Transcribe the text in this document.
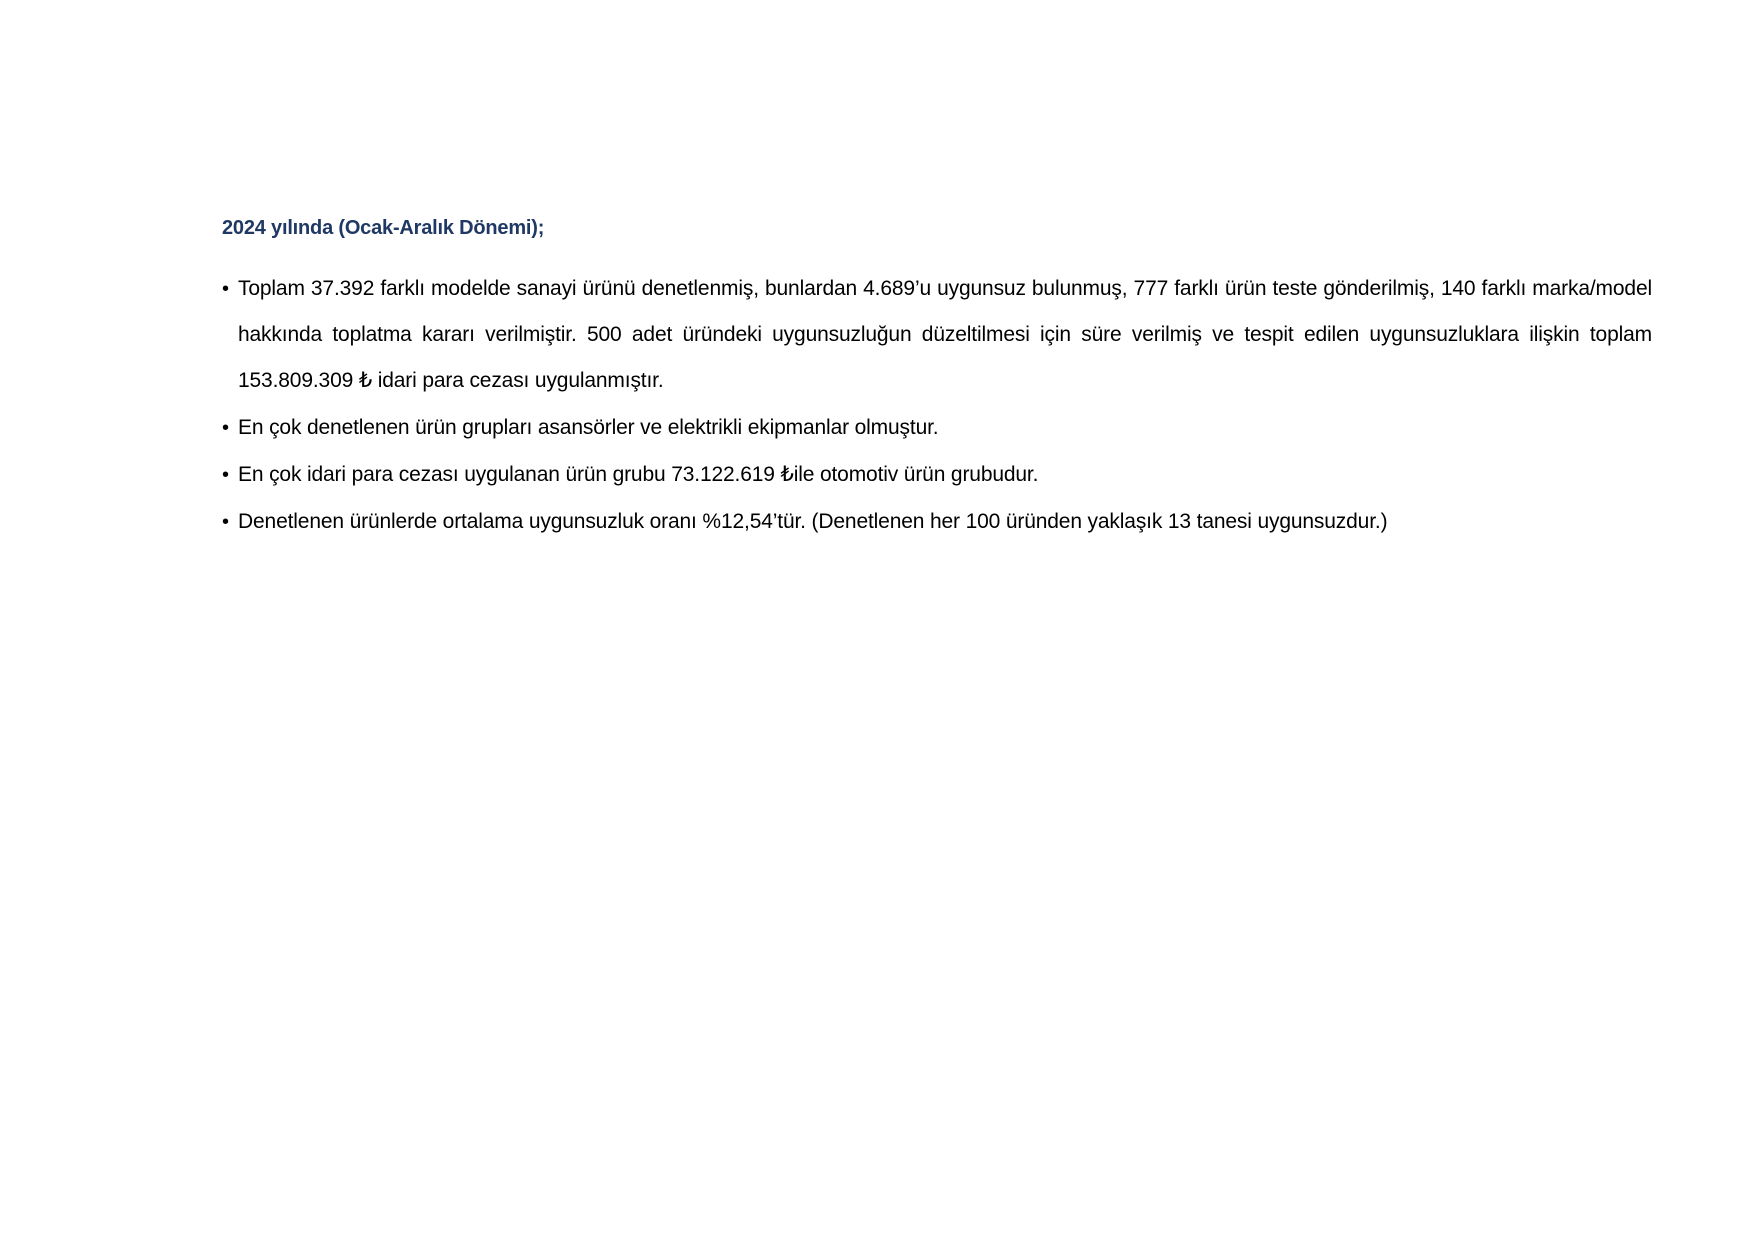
2024 yılında (Ocak-Aralık Dönemi);
• Toplam 37.392 farklı modelde sanayi ürünü denetlenmiş, bunlardan 4.689’u uygunsuz bulunmuş, 777 farklı ürün teste gönderilmiş, 140 farklı marka/model hakkında toplatma kararı verilmiştir. 500 adet üründeki uygunsuzluğun düzeltilmesi için süre verilmiş ve tespit edilen uygunsuzluklara ilişkin toplam 153.809.309 ₺ idari para cezası uygulanmıştır.
• En çok denetlenen ürün grupları asansörler ve elektrikli ekipmanlar olmuştur.
• En çok idari para cezası uygulanan ürün grubu 73.122.619 ₺ile otomotiv ürün grubudur.
• Denetlenen ürünlerde ortalama uygunsuzluk oranı %12,54’tür. (Denetlenen her 100 üründen yaklaşık 13 tanesi uygunsuzdur.)
